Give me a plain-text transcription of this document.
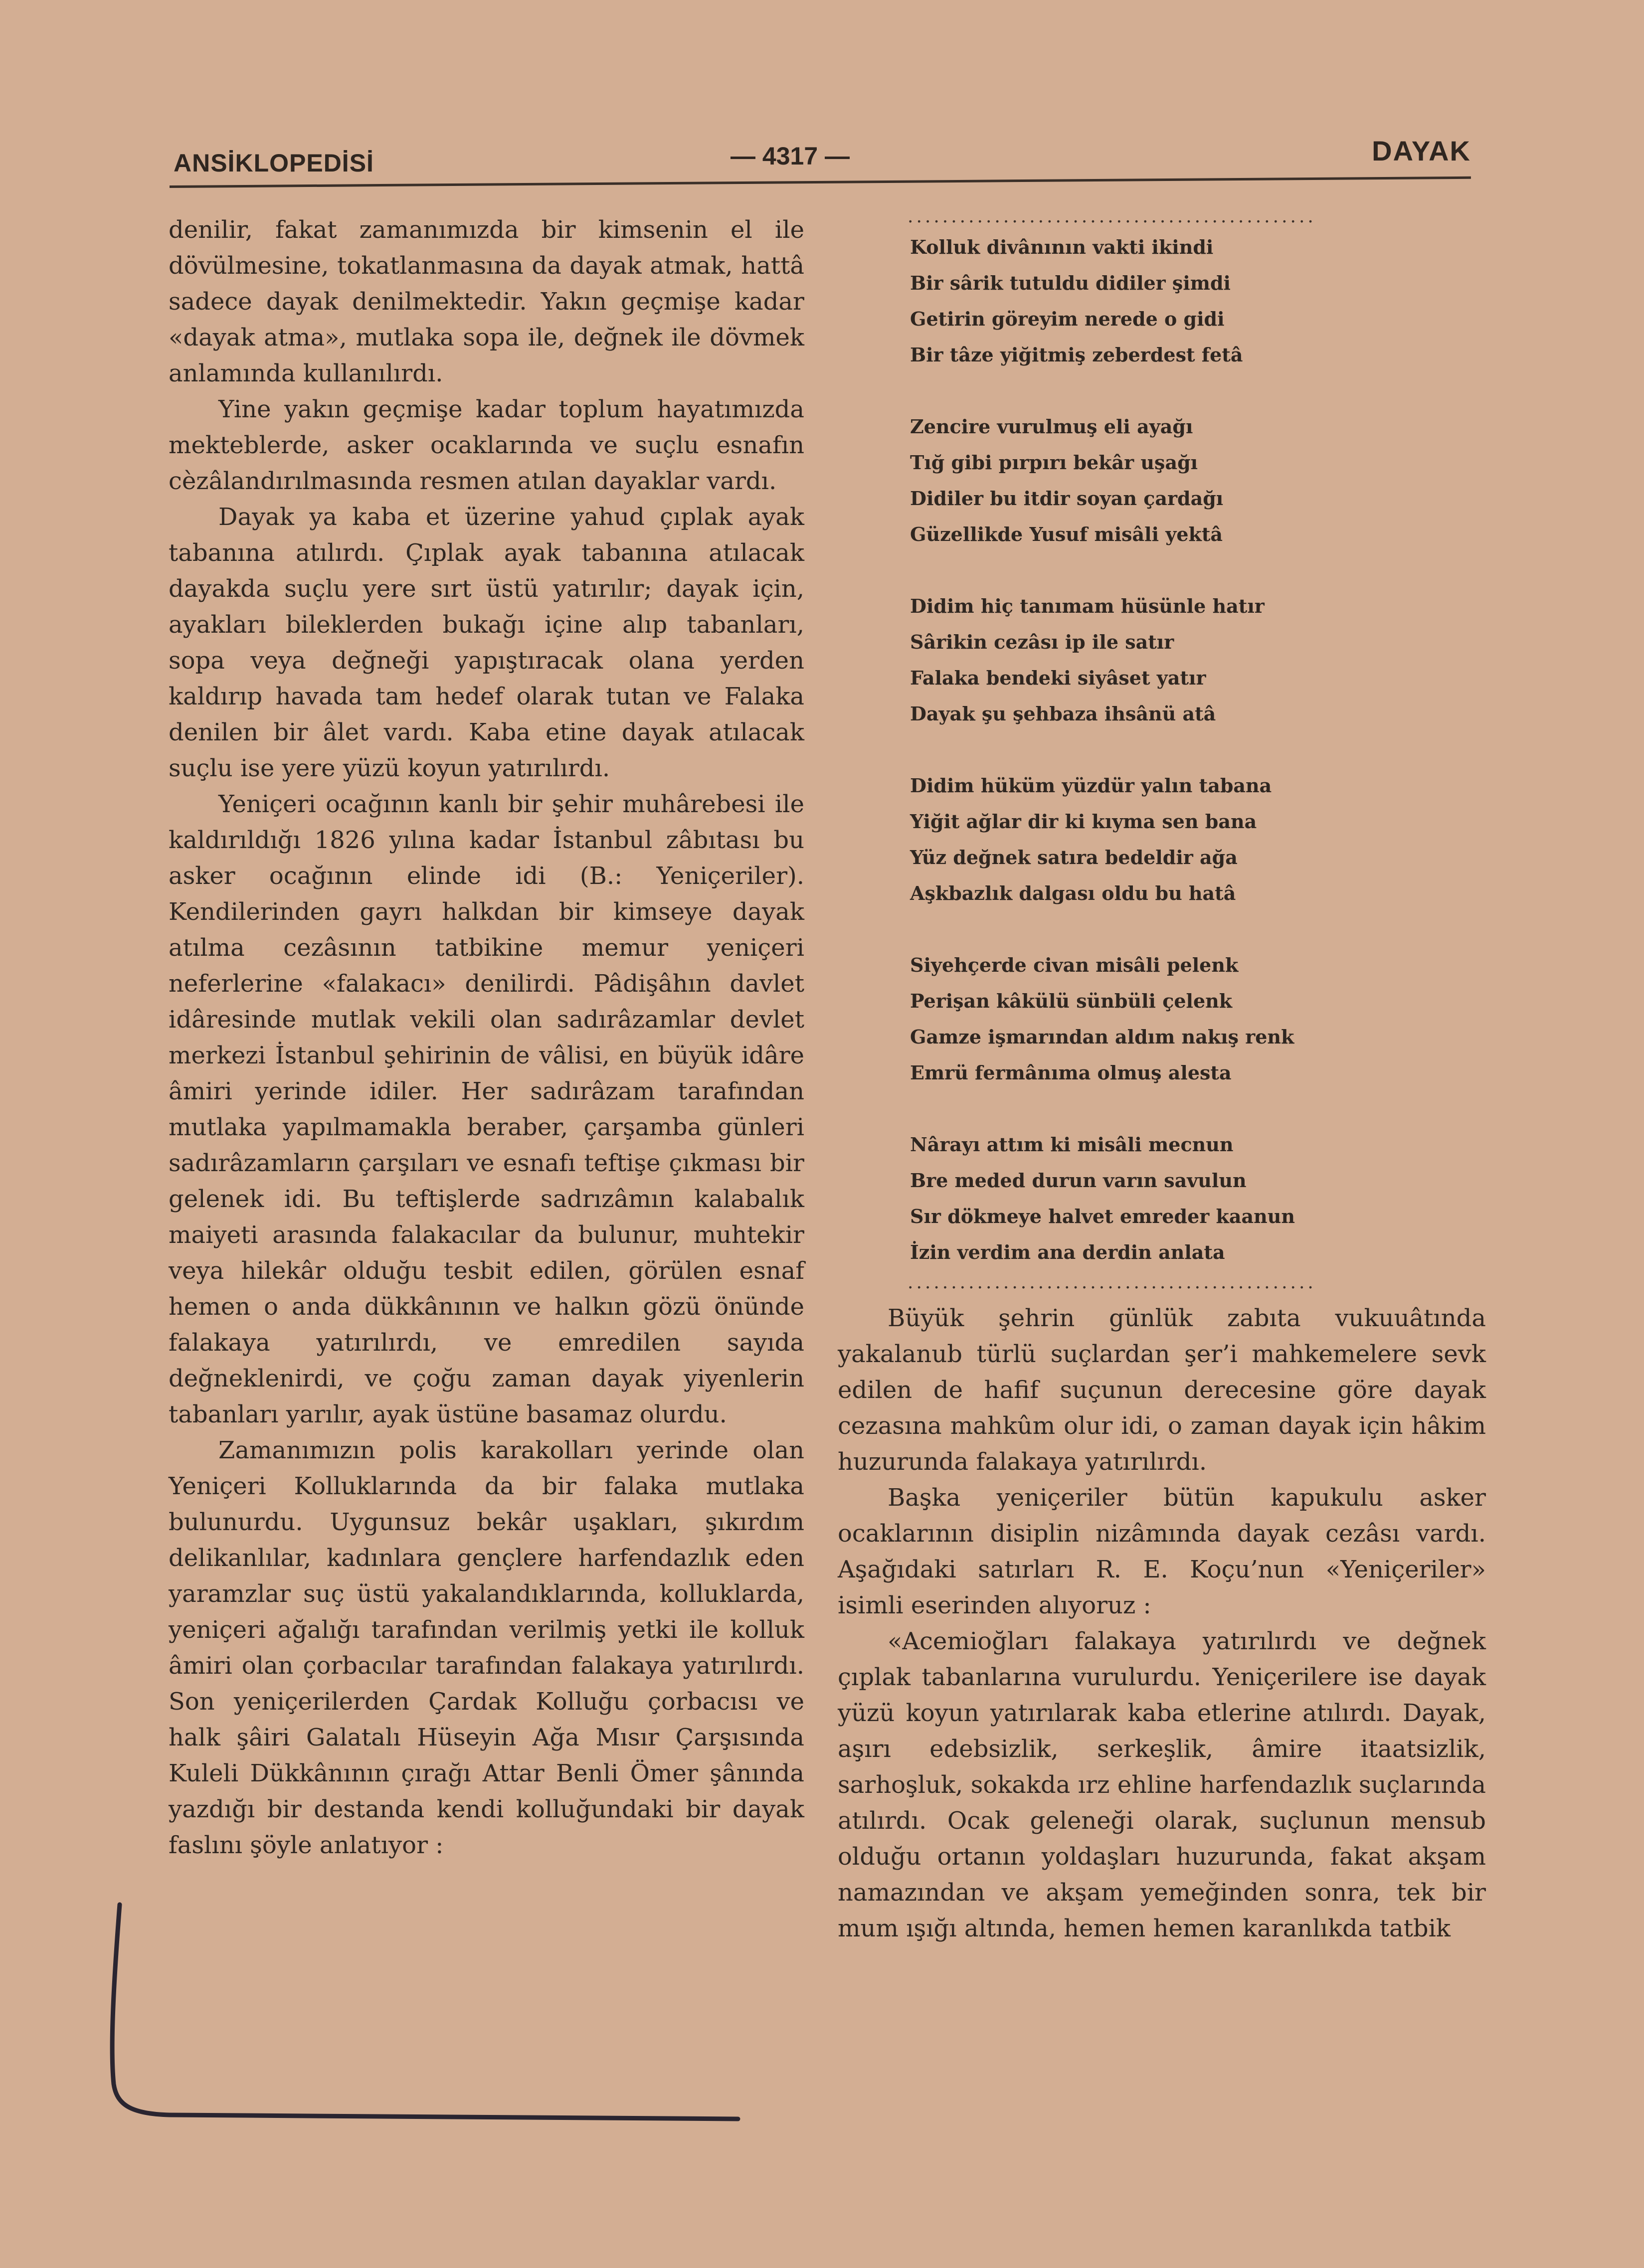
ANSİKLOPEDİSİ	— 4317 —	DAYAK

denilir, fakat zamanımızda bir kimsenin el ile dövülmesine, tokatlanmasına da dayak atmak, hattâ sadece dayak denilmektedir. Yakın geçmişe kadar «dayak atma», mutlaka sopa ile, değnek ile dövmek anlamında kullanılırdı.

Yine yakın geçmişe kadar toplum hayatımızda mekteblerde, asker ocaklarında ve suçlu esnafın cèzâlandırılmasında resmen atılan dayaklar vardı.

Dayak ya kaba et üzerine yahud çıplak ayak tabanına atılırdı. Çıplak ayak tabanına atılacak dayakda suçlu yere sırt üstü yatırılır; dayak için, ayakları bileklerden bukağı içine alıp tabanları, sopa veya değneği yapıştıracak olana yerden kaldırıp havada tam hedef olarak tutan ve Falaka denilen bir âlet vardı. Kaba etine dayak atılacak suçlu ise yere yüzü koyun yatırılırdı.

Yeniçeri ocağının kanlı bir şehir muhârebesi ile kaldırıldığı 1826 yılına kadar İstanbul zâbıtası bu asker ocağının elinde idi (B.: Yeniçeriler). Kendilerinden gayrı halkdan bir kimseye dayak atılma cezâsının tatbikine memur yeniçeri neferlerine «falakacı» denilirdi. Pâdişâhın davlet idâresinde mutlak vekili olan sadırâzamlar devlet merkezi İstanbul şehirinin de vâlisi, en büyük idâre âmiri yerinde idiler. Her sadırâzam tarafından mutlaka yapılmamakla beraber, çarşamba günleri sadırâzamların çarşıları ve esnafı teftişe çıkması bir gelenek idi. Bu teftişlerde sadrızâmın kalabalık maiyeti arasında falakacılar da bulunur, muhtekir veya hilekâr olduğu tesbit edilen, görülen esnaf hemen o anda dükkânının ve halkın gözü önünde falakaya yatırılırdı, ve emredilen sayıda değneklenirdi, ve çoğu zaman dayak yiyenlerin tabanları yarılır, ayak üstüne basamaz olurdu.

Zamanımızın polis karakolları yerinde olan Yeniçeri Kolluklarında da bir falaka mutlaka bulunurdu. Uygunsuz bekâr uşakları, şıkırdım delikanlılar, kadınlara gençlere harfendazlık eden yaramzlar suç üstü yakalandıklarında, kolluklarda, yeniçeri ağalığı tarafından verilmiş yetki ile kolluk âmiri olan çorbacılar tarafından falakaya yatırılırdı. Son yeniçerilerden Çardak Kolluğu çorbacısı ve halk şâiri Galatalı Hüseyin Ağa Mısır Çarşısında Kuleli Dükkânının çırağı Attar Benli Ömer şânında yazdığı bir destanda kendi kolluğundaki bir dayak faslını şöyle anlatıyor :

...............................................
Kolluk divânının vakti ikindi
Bir sârik tutuldu didiler şimdi
Getirin göreyim nerede o gidi
Bir tâze yiğitmiş zeberdest fetâ
Zencire vurulmuş eli ayağı
Tığ gibi pırpırı bekâr uşağı
Didiler bu itdir soyan çardağı
Güzellikde Yusuf misâli yektâ
Didim hiç tanımam hüsünle hatır
Sârikin cezâsı ip ile satır
Falaka bendeki siyâset yatır
Dayak şu şehbaza ihsânü atâ
Didim hüküm yüzdür yalın tabana
Yiğit ağlar dir ki kıyma sen bana
Yüz değnek satıra bedeldir ağa
Aşkbazlık dalgası oldu bu hatâ
Siyehçerde civan misâli pelenk
Perişan kâkülü sünbüli çelenk
Gamze işmarından aldım nakış renk
Emrü fermânıma olmuş alesta
Nârayı attım ki misâli mecnun
Bre meded durun varın savulun
Sır dökmeye halvet emreder kaanun
İzin verdim ana derdin anlata
...............................................

Büyük şehrin günlük zabıta vukuuâtında yakalanub türlü suçlardan şer’i mahkemelere sevk edilen de hafif suçunun derecesine göre dayak cezasına mahkûm olur idi, o zaman dayak için hâkim huzurunda falakaya yatırılırdı.

Başka yeniçeriler bütün kapukulu asker ocaklarının disiplin nizâmında dayak cezâsı vardı. Aşağıdaki satırları R. E. Koçu’nun «Yeniçeriler» isimli eserinden alıyoruz :

«Acemioğları falakaya yatırılırdı ve değnek çıplak tabanlarına vurulurdu. Yeniçerilere ise dayak yüzü koyun yatırılarak kaba etlerine atılırdı. Dayak, aşırı edebsizlik, serkeşlik, âmire itaatsizlik, sarhoşluk, sokakda ırz ehline harfendazlık suçlarında atılırdı. Ocak geleneği olarak, suçlunun mensub olduğu ortanın yoldaşları huzurunda, fakat akşam namazından ve akşam yemeğinden sonra, tek bir mum ışığı altında, hemen hemen karanlıkda tatbik
